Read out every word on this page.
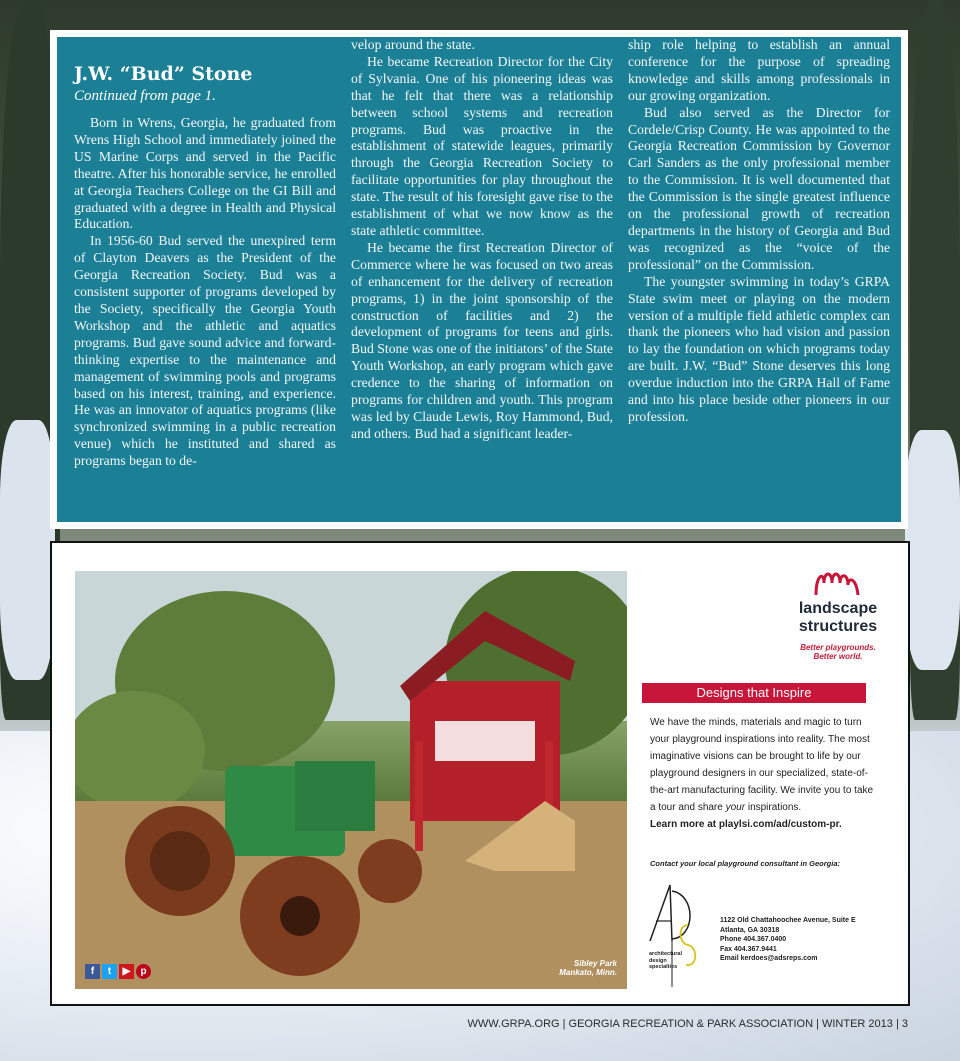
J.W. “Bud” Stone
Continued from page 1.

Born in Wrens, Georgia, he graduated from Wrens High School and immediately joined the US Marine Corps and served in the Pacific theatre. After his honorable service, he enrolled at Georgia Teachers College on the GI Bill and graduated with a degree in Health and Physical Education.

In 1956-60 Bud served the unexpired term of Clayton Deavers as the President of the Georgia Recreation Society. Bud was a consistent supporter of programs developed by the Society, specifically the Georgia Youth Workshop and the athletic and aquatics programs. Bud gave sound advice and forward-thinking expertise to the maintenance and management of swimming pools and programs based on his interest, training, and experience. He was an innovator of aquatics programs (like synchronized swimming in a public recreation venue) which he instituted and shared as programs began to de-

velop around the state.

He became Recreation Director for the City of Sylvania. One of his pioneering ideas was that he felt that there was a relationship between school systems and recreation programs. Bud was proactive in the establishment of statewide leagues, primarily through the Georgia Recreation Society to facilitate opportunities for play throughout the state. The result of his foresight gave rise to the establishment of what we now know as the state athletic committee.

He became the first Recreation Director of Commerce where he was focused on two areas of enhancement for the delivery of recreation programs, 1) in the joint sponsorship of the construction of facilities and 2) the development of programs for teens and girls. Bud Stone was one of the initiators’ of the State Youth Workshop, an early program which gave credence to the sharing of information on programs for children and youth. This program was led by Claude Lewis, Roy Hammond, Bud, and others. Bud had a significant leader-

ship role helping to establish an annual conference for the purpose of spreading knowledge and skills among professionals in our growing organization.

Bud also served as the Director for Cordele/Crisp County. He was appointed to the Georgia Recreation Commission by Governor Carl Sanders as the only professional member to the Commission. It is well documented that the Commission is the single greatest influence on the professional growth of recreation departments in the history of Georgia and Bud was recognized as the “voice of the professional” on the Commission.

The youngster swimming in today’s GRPA State swim meet or playing on the modern version of a multiple field athletic complex can thank the pioneers who had vision and passion to lay the foundation on which programs today are built. J.W. “Bud” Stone deserves this long overdue induction into the GRPA Hall of Fame and into his place beside other pioneers in our profession.

f	t	▶	p
Sibley Park
Mankato, Minn.
landscape
structures
Better playgrounds.
Better world.
Designs that Inspire
We have the minds, materials and magic to turn your playground inspirations into reality. The most imaginative visions can be brought to life by our playground designers in our specialized, state-of-the-art manufacturing facility. We invite you to take a tour and share your inspirations.
Learn more at playlsi.com/ad/custom-pr.
Contact your local playground consultant in Georgia:
architectural
design
specialties
1122 Old Chattahoochee Avenue, Suite E
Atlanta, GA 30318
Phone 404.367.0400
Fax 404.367.9441
Email kerdoes@adsreps.com
WWW.GRPA.ORG | GEORGIA RECREATION & PARK ASSOCIATION | WINTER 2013 | 3
